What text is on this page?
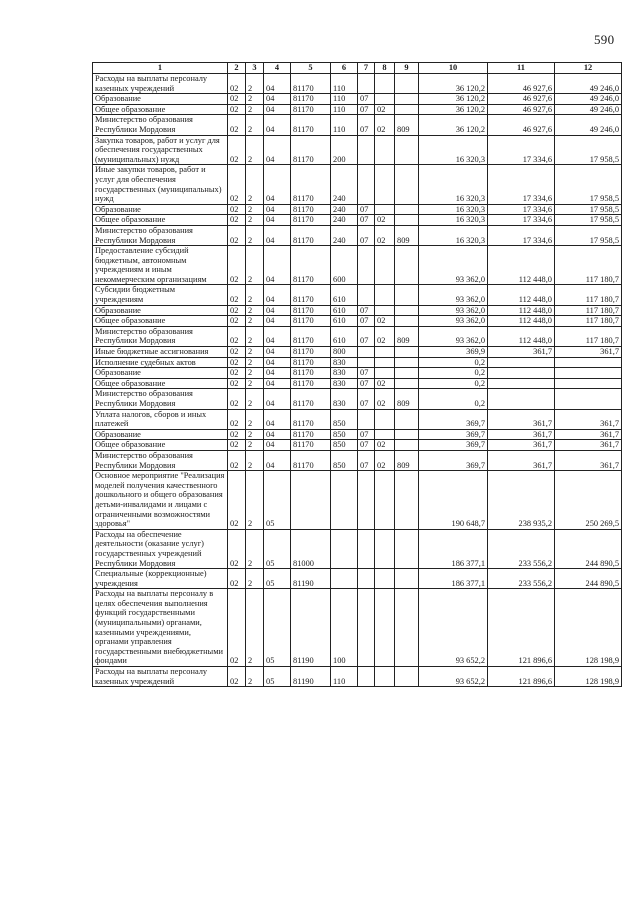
590
1	2	3	4	5	6	7	8	9	10	11	12
Расходы на выплаты персоналу казенных учреждений	02	2	04	81170	110				36 120,2	46 927,6	49 246,0
Образование	02	2	04	81170	110	07			36 120,2	46 927,6	49 246,0
Общее образование	02	2	04	81170	110	07	02		36 120,2	46 927,6	49 246,0
Министерство образования Республики Мордовия	02	2	04	81170	110	07	02	809	36 120,2	46 927,6	49 246,0
Закупка товаров, работ и услуг для обеспечения государственных (муниципальных) нужд	02	2	04	81170	200				16 320,3	17 334,6	17 958,5
Иные закупки товаров, работ и услуг для обеспечения государственных (муниципальных) нужд	02	2	04	81170	240				16 320,3	17 334,6	17 958,5
Образование	02	2	04	81170	240	07			16 320,3	17 334,6	17 958,5
Общее образование	02	2	04	81170	240	07	02		16 320,3	17 334,6	17 958,5
Министерство образования Республики Мордовия	02	2	04	81170	240	07	02	809	16 320,3	17 334,6	17 958,5
Предоставление субсидий бюджетным, автономным учреждениям и иным некоммерческим организациям	02	2	04	81170	600				93 362,0	112 448,0	117 180,7
Субсидии бюджетным учреждениям	02	2	04	81170	610				93 362,0	112 448,0	117 180,7
Образование	02	2	04	81170	610	07			93 362,0	112 448,0	117 180,7
Общее образование	02	2	04	81170	610	07	02		93 362,0	112 448,0	117 180,7
Министерство образования Республики Мордовия	02	2	04	81170	610	07	02	809	93 362,0	112 448,0	117 180,7
Иные бюджетные ассигнования	02	2	04	81170	800				369,9	361,7	361,7
Исполнение судебных актов	02	2	04	81170	830				0,2		
Образование	02	2	04	81170	830	07			0,2		
Общее образование	02	2	04	81170	830	07	02		0,2		
Министерство образования Республики Мордовия	02	2	04	81170	830	07	02	809	0,2		
Уплата налогов, сборов и иных платежей	02	2	04	81170	850				369,7	361,7	361,7
Образование	02	2	04	81170	850	07			369,7	361,7	361,7
Общее образование	02	2	04	81170	850	07	02		369,7	361,7	361,7
Министерство образования Республики Мордовия	02	2	04	81170	850	07	02	809	369,7	361,7	361,7
Основное мероприятие "Реализация моделей получения качественного дошкольного и общего образования детьми-инвалидами и лицами с ограниченными возможностями здоровья"	02	2	05						190 648,7	238 935,2	250 269,5
Расходы на обеспечение деятельности (оказание услуг) государственных учреждений Республики Мордовия	02	2	05	81000					186 377,1	233 556,2	244 890,5
Специальные (коррекционные) учреждения	02	2	05	81190					186 377,1	233 556,2	244 890,5
Расходы на выплаты персоналу в целях обеспечения выполнения функций государственными (муниципальными) органами, казенными учреждениями, органами управления государственными внебюджетными фондами	02	2	05	81190	100				93 652,2	121 896,6	128 198,9
Расходы на выплаты персоналу казенных учреждений	02	2	05	81190	110				93 652,2	121 896,6	128 198,9
